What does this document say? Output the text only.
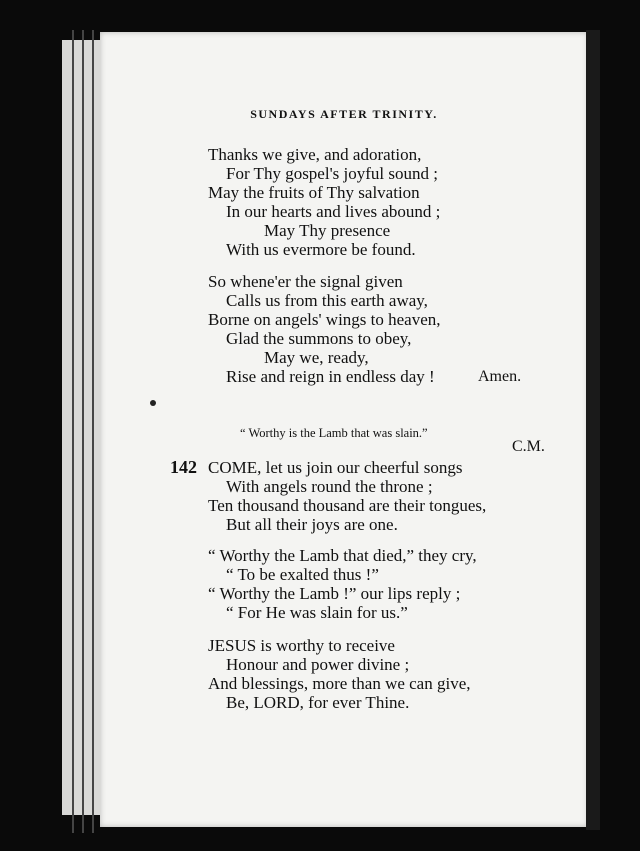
SUNDAYS AFTER TRINITY.
Thanks we give, and adoration,
For Thy gospel's joyful sound ;
May the fruits of Thy salvation
In our hearts and lives abound ;
May Thy presence
With us evermore be found.
So whene'er the signal given
Calls us from this earth away,
Borne on angels' wings to heaven,
Glad the summons to obey,
May we, ready,
Rise and reign in endless day !	Amen.
“ Worthy is the Lamb that was slain.”
C.M.
142 COME, let us join our cheerful songs
With angels round the throne ;
Ten thousand thousand are their tongues,
But all their joys are one.
“ Worthy the Lamb that died,” they cry,
“ To be exalted thus !”
“ Worthy the Lamb !” our lips reply ;
“ For He was slain for us.”
JESUS is worthy to receive
Honour and power divine ;
And blessings, more than we can give,
Be, LORD, for ever Thine.
